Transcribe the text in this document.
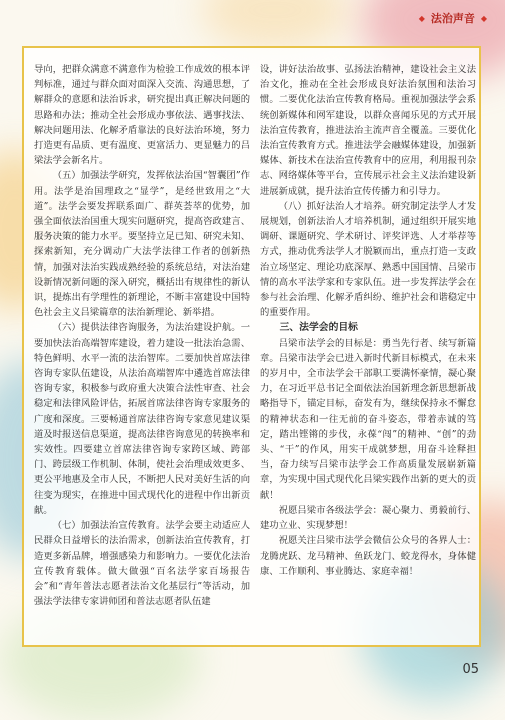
◆ 法治声音 ◆

导向，把群众满意不满意作为检验工作成效的根本评判标准，通过与群众面对面深入交流、沟通思想，了解群众的意愿和法治诉求，研究提出真正解决问题的思路和办法；推动全社会形成办事依法、遇事找法、解决问题用法、化解矛盾靠法的良好法治环境，努力打造更有品质、更有温度、更富活力、更显魅力的吕梁法学会新名片。

（五）加强法学研究，发挥依法治国“智囊团”作用。法学是治国理政之“显学”，是经世致用之“大道”。法学会要发挥联系面广、群英荟萃的优势，加强全面依法治国重大现实问题研究，提高咨政建言、服务决策的能力水平。要坚持立足已知、研究未知、探索新知，充分调动广大法学法律工作者的创新热情，加强对法治实践成熟经验的系统总结，对法治建设新情况新问题的深入研究，概括出有规律性的新认识，提炼出有学理性的新理论，不断丰富建设中国特色社会主义吕梁篇章的法治新理论、新举措。

（六）提供法律咨询服务，为法治建设护航。一要加快法治高端智库建设，着力建设一批法治急需、特色鲜明、水平一流的法治智库。二要加快首席法律咨询专家队伍建设，从法治高端智库中遴选首席法律咨询专家，积极参与政府重大决策合法性审查、社会稳定和法律风险评估，拓展首席法律咨询专家服务的广度和深度。三要畅通首席法律咨询专家意见建议渠道及时报送信息渠道，提高法律咨询意见的转换率和实效性。四要建立首席法律咨询专家跨区域、跨部门、跨层级工作机制、体制，使社会治理成效更多、更公平地惠及全市人民，不断把人民对美好生活的向往变为现实，在推进中国式现代化的进程中作出新贡献。

（七）加强法治宣传教育。法学会要主动适应人民群众日益增长的法治需求，创新法治宣传教育，打造更多新品牌，增强感染力和影响力。一要优化法治宣传教育载体。做大做强“百名法学家百场报告会”和“青年普法志愿者法治文化基层行”等活动，加强法学法律专家讲师团和普法志愿者队伍建

设，讲好法治故事、弘扬法治精神，建设社会主义法治文化，推动在全社会形成良好法治氛围和法治习惯。二要优化法治宣传教育格局。重视加强法学会系统创新媒体和网军建设，以群众喜闻乐见的方式开展法治宣传教育，推进法治主流声音全覆盖。三要优化法治宣传教育方式。推进法学会融媒体建设，加强新媒体、新技术在法治宣传教育中的应用，利用报刊杂志、网络媒体等平台，宣传展示社会主义法治建设新进展新成就，提升法治宣传传播力和引导力。

（八）抓好法治人才培养。研究制定法学人才发展规划，创新法治人才培养机制，通过组织开展实地调研、课题研究、学术研讨、评奖评选、人才举荐等方式，推动优秀法学人才脱颖而出，重点打造一支政治立场坚定、理论功底深厚、熟悉中国国情、吕梁市情的高水平法学家和专家队伍。进一步发挥法学会在参与社会治理、化解矛盾纠纷、维护社会和谐稳定中的重要作用。

三、法学会的目标

吕梁市法学会的目标是：勇当先行者、续写新篇章。吕梁市法学会已进入新时代新目标模式，在未来的岁月中，全市法学会干部职工要满怀豪情，凝心聚力，在习近平总书记全面依法治国新理念新思想新战略指导下，锚定目标，奋发有为，继续保持永不懈怠的精神状态和一往无前的奋斗姿态，带着赤诚的笃定，踏出铿锵的步伐，永葆“闯”的精神、“创”的劲头、“干”的作风，用实干成就梦想，用奋斗诠释担当，奋力续写吕梁市法学会工作高质量发展崭新篇章，为实现中国式现代化吕梁实践作出新的更大的贡献！

祝愿吕梁市各级法学会：凝心聚力、勇毅前行、建功立业、实现梦想！

祝愿关注吕梁市法学会微信公众号的各界人士：龙腾虎跃、龙马精神、鱼跃龙门、蛟龙得水，身体健康、工作顺利、事业腾达、家庭幸福！

05
